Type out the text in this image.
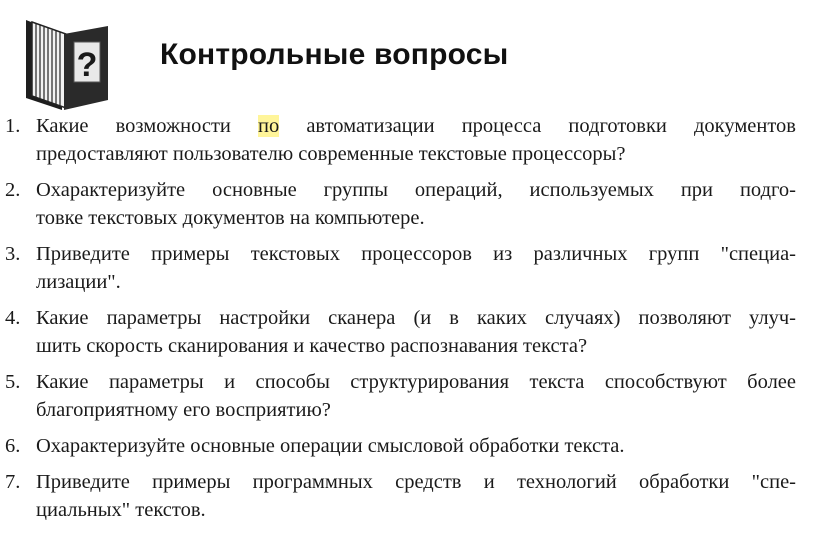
? Контрольные вопросы
1. Какие возможности по автоматизации процесса подготовки документов
предоставляют пользователю современные текстовые процессоры?
2. Охарактеризуйте основные группы операций, используемых при подго-
товке текстовых документов на компьютере.
3. Приведите примеры текстовых процессоров из различных групп "специа-
лизации".
4. Какие параметры настройки сканера (и в каких случаях) позволяют улуч-
шить скорость сканирования и качество распознавания текста?
5. Какие параметры и способы структурирования текста способствуют более
благоприятному его восприятию?
6. Охарактеризуйте основные операции смысловой обработки текста.
7. Приведите примеры программных средств и технологий обработки "спе-
циальных" текстов.
